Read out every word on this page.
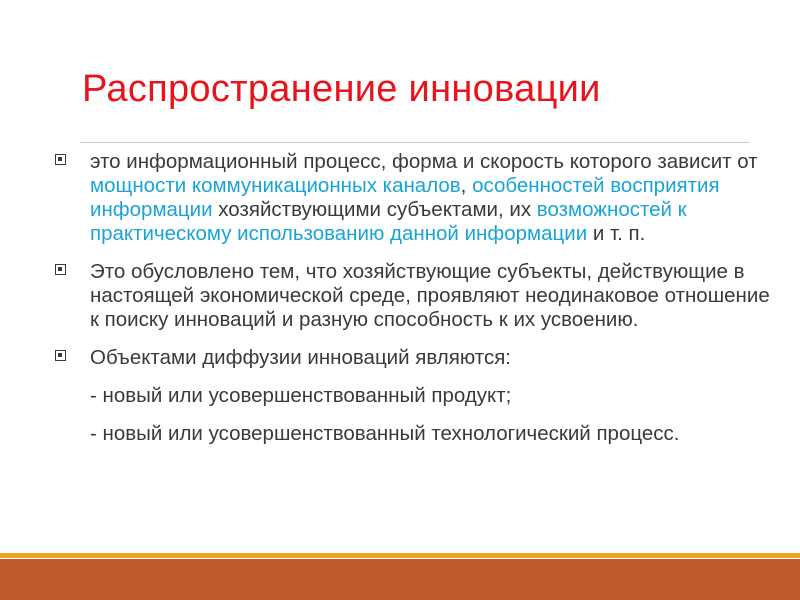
Распространение инновации
это информационный процесс, форма и скорость которого зависит от мощности коммуникационных каналов, особенностей восприятия информации хозяйствующими субъектами, их возможностей к практическому использованию данной информации и т. п.
Это обусловлено тем, что хозяйствующие субъекты, действующие в настоящей экономической среде, проявляют неодинаковое отношение к поиску инноваций и разную способность к их усвоению.
Объектами диффузии инноваций являются:
- новый или усовершенствованный продукт;
- новый или усовершенствованный технологический процесс.
